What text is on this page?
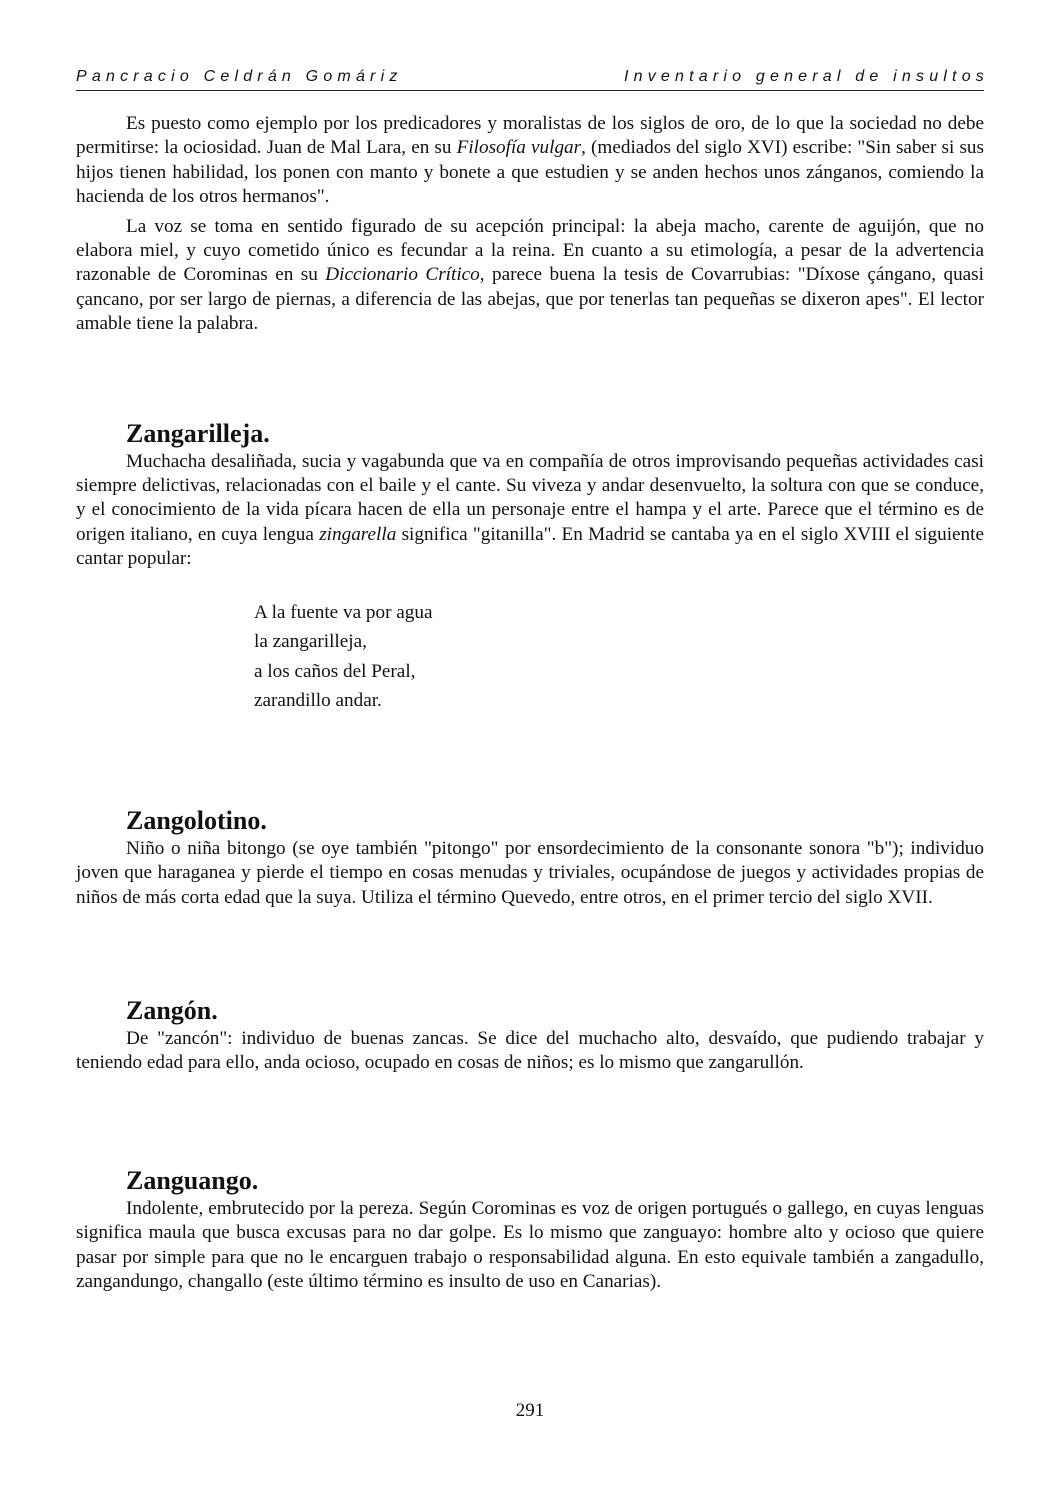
Pancracio Celdrán Gomáriz	Inventario general de insultos

Es puesto como ejemplo por los predicadores y moralistas de los siglos de oro, de lo que la sociedad no debe permitirse: la ociosidad. Juan de Mal Lara, en su Filosofía vulgar, (mediados del siglo XVI) escribe: "Sin saber si sus hijos tienen habilidad, los ponen con manto y bonete a que estudien y se anden hechos unos zánganos, comiendo la hacienda de los otros hermanos".

La voz se toma en sentido figurado de su acepción principal: la abeja macho, carente de aguijón, que no elabora miel, y cuyo cometido único es fecundar a la reina. En cuanto a su etimología, a pesar de la advertencia razonable de Corominas en su Diccionario Crítico, parece buena la tesis de Covarrubias: "Díxose çángano, quasi çancano, por ser largo de piernas, a diferencia de las abejas, que por tenerlas tan pequeñas se dixeron apes". El lector amable tiene la palabra.

Zangarilleja.

Muchacha desaliñada, sucia y vagabunda que va en compañía de otros improvisando pequeñas actividades casi siempre delictivas, relacionadas con el baile y el cante. Su viveza y andar desenvuelto, la soltura con que se conduce, y el conocimiento de la vida pícara hacen de ella un personaje entre el hampa y el arte. Parece que el término es de origen italiano, en cuya lengua zingarella significa "gitanilla". En Madrid se cantaba ya en el siglo XVIII el siguiente cantar popular:

A la fuente va por agua
la zangarilleja,
a los caños del Peral,
zarandillo andar.
Zangolotino.

Niño o niña bitongo (se oye también "pitongo" por ensordecimiento de la consonante sonora "b"); individuo joven que haraganea y pierde el tiempo en cosas menudas y triviales, ocupándose de juegos y actividades propias de niños de más corta edad que la suya. Utiliza el término Quevedo, entre otros, en el primer tercio del siglo XVII.

Zangón.

De "zancón": individuo de buenas zancas. Se dice del muchacho alto, desvaído, que pudiendo trabajar y teniendo edad para ello, anda ocioso, ocupado en cosas de niños; es lo mismo que zangarullón.

Zanguango.

Indolente, embrutecido por la pereza. Según Corominas es voz de origen portugués o gallego, en cuyas lenguas significa maula que busca excusas para no dar golpe. Es lo mismo que zanguayo: hombre alto y ocioso que quiere pasar por simple para que no le encarguen trabajo o responsabilidad alguna. En esto equivale también a zangadullo, zangandungo, changallo (este último término es insulto de uso en Canarias).

291
